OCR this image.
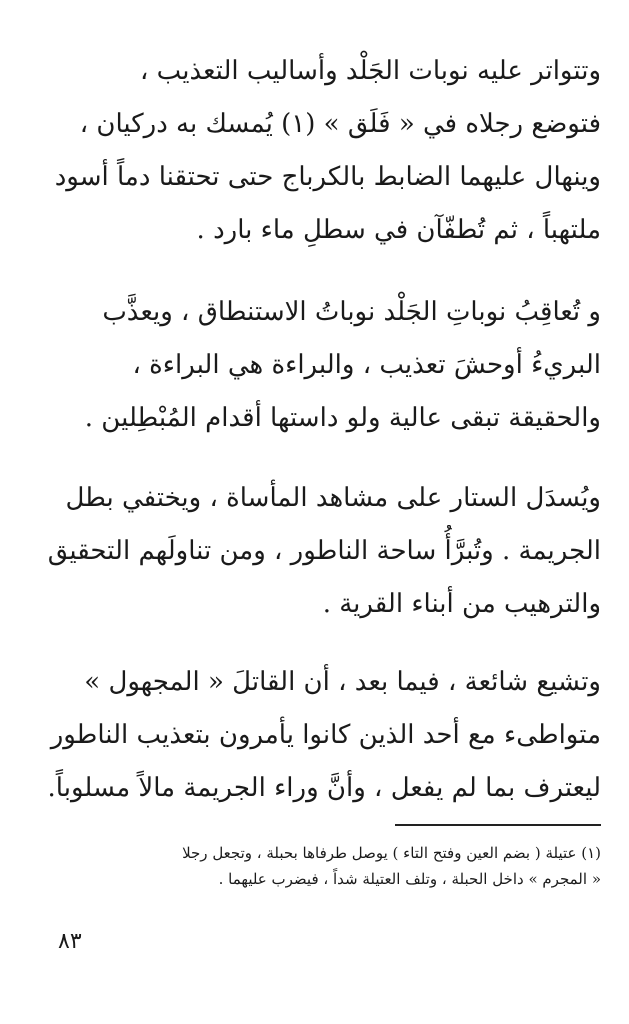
وتتواتر عليه نوبات الجَلْد وأساليب التعذيب ،
فتوضع رجلاه في « فَلَق » (١) يُمسك به دركيان ،
وينهال عليهما الضابط بالكرباج حتى تحتقنا دماً أسود
ملتهباً ، ثم تُطفّآن في سطلِ ماء بارد .
و تُعاقِبُ نوباتِ الجَلْد نوباتُ الاستنطاق ، ويعذَّب
البريءُ أوحشَ تعذيب ، والبراءة هي البراءة ،
والحقيقة تبقى عالية ولو داستها أقدام المُبْطِلين .
ويُسدَل الستار على مشاهد المأساة ، ويختفي بطل
الجريمة . وتُبرَّأُ ساحة الناطور ، ومن تناولَهم التحقيق
والترهيب من أبناء القرية .
وتشيع شائعة ، فيما بعد ، أن القاتلَ « المجهول »
متواطىء مع أحد الذين كانوا يأمرون بتعذيب الناطور
ليعترف بما لم يفعل ، وأنَّ وراء الجريمة مالاً مسلوباً.
(١) عتيلة ( بضم العين وفتح التاء ) يوصل طرفاها بحبلة ، وتجعل رجلا
« المجرم » داخل الحبلة ، وتلف العتيلة شداً ، فيضرب عليهما .
٨٣
